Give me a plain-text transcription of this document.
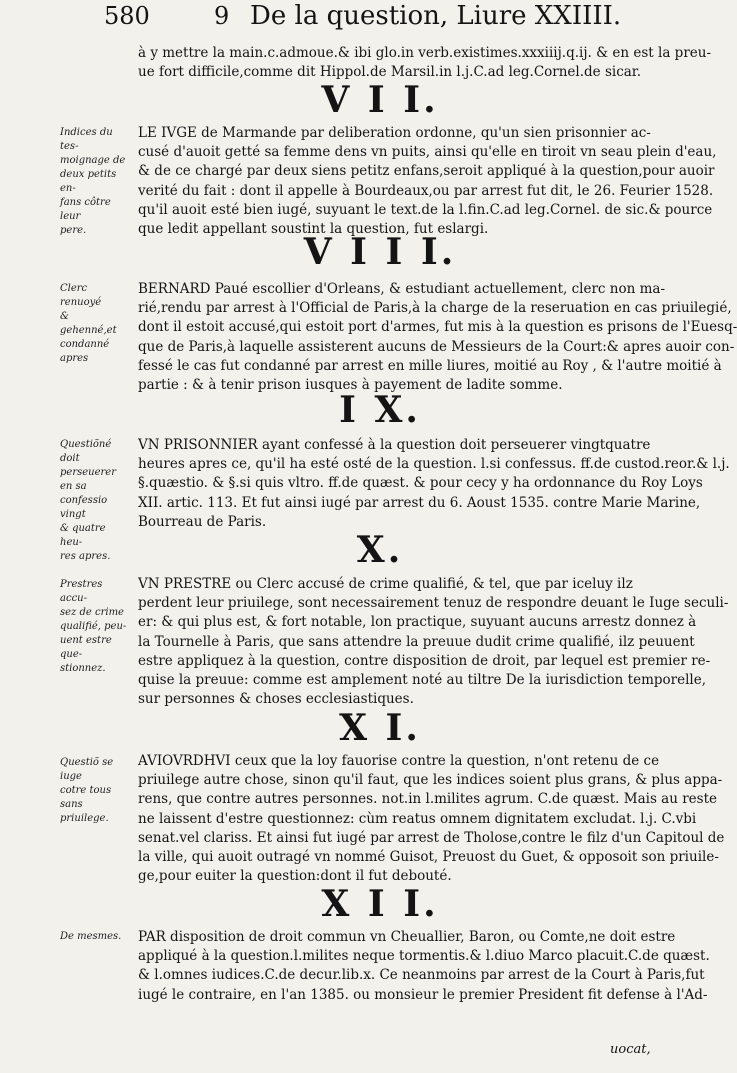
580	9 De la question, Liure XXIIII.
à y mettre la main.c.admoue.& ibi glo.in verb.existimes.xxxiiij.q.ij. & en est la preu-
ue fort difficile,comme dit Hippol.de Marsil.in l.j.C.ad leg.Cornel.de sicar.
V I I.
Indices du tes-
moignage de
deux petits en-
fans côtre leur
pere.
LE IVGE de Marmande par deliberation ordonne, qu'un sien prisonnier ac-
cusé d'auoit getté sa femme dens vn puits, ainsi qu'elle en tiroit vn seau plein d'eau,
& de ce chargé par deux siens petitz enfans,seroit appliqué à la question,pour auoir
verité du fait : dont il appelle à Bourdeaux,ou par arrest fut dit, le 26. Feurier 1528.
qu'il auoit esté bien iugé, suyuant le text.de la l.fin.C.ad leg.Cornel. de sic.& pource
que ledit appellant soustint la question, fut eslargi.
V I I I.
Clerc renuoyé
& gehenné,et
condanné apres
BERNARD Paué escollier d'Orleans, & estudiant actuellement, clerc non ma-
rié,rendu par arrest à l'Official de Paris,à la charge de la reseruation en cas priuilegié,
dont il estoit accusé,qui estoit port d'armes, fut mis à la question es prisons de l'Euesq-
que de Paris,à laquelle assisterent aucuns de Messieurs de la Court:& apres auoir con-
fessé le cas fut condanné par arrest en mille liures, moitié au Roy , & l'autre moitié à
partie : & à tenir prison iusques à payement de ladite somme.
I X.
Questiõné doit
perseuerer en sa
confessio vingt
& quatre heu-
res apres.
VN PRISONNIER ayant confessé à la question doit perseuerer vingtquatre
heures apres ce, qu'il ha esté osté de la question. l.si confessus. ff.de custod.reor.& l.j.
§.quæstio. & §.si quis vltro. ff.de quæst. & pour cecy y ha ordonnance du Roy Loys
XII. artic. 113. Et fut ainsi iugé par arrest du 6. Aoust 1535. contre Marie Marine,
Bourreau de Paris.
X.
Prestres accu-
sez de crime
qualifié, peu-
uent estre que-
stionnez.
VN PRESTRE ou Clerc accusé de crime qualifié, & tel, que par iceluy ilz
perdent leur priuilege, sont necessairement tenuz de respondre deuant le Iuge seculi-
er: & qui plus est, & fort notable, lon practique, suyuant aucuns arrestz donnez à
la Tournelle à Paris, que sans attendre la preuue dudit crime qualifié, ilz peuuent
estre appliquez à la question, contre disposition de droit, par lequel est premier re-
quise la preuue: comme est amplement noté au tiltre De la iurisdiction temporelle,
sur personnes & choses ecclesiastiques.
X I.
Questiõ se iuge
cotre tous sans
priuilege.
AVIOVRDHVI ceux que la loy fauorise contre la question, n'ont retenu de ce
priuilege autre chose, sinon qu'il faut, que les indices soient plus grans, & plus appa-
rens, que contre autres personnes. not.in l.milites agrum. C.de quæst. Mais au reste
ne laissent d'estre questionnez: cùm reatus omnem dignitatem excludat. l.j. C.vbi
senat.vel clariss. Et ainsi fut iugé par arrest de Tholose,contre le filz d'un Capitoul de
la ville, qui auoit outragé vn nommé Guisot, Preuost du Guet, & opposoit son priuile-
ge,pour euiter la question:dont il fut debouté.
X I I.
De mesmes.	PAR disposition de droit commun vn Cheuallier, Baron, ou Comte,ne doit estre
appliqué à la question.l.milites neque tormentis.& l.diuo Marco placuit.C.de quæst.
& l.omnes iudices.C.de decur.lib.x. Ce neanmoins par arrest de la Court à Paris,fut
iugé le contraire, en l'an 1385. ou monsieur le premier President fit defense à l'Ad-
uocat,
